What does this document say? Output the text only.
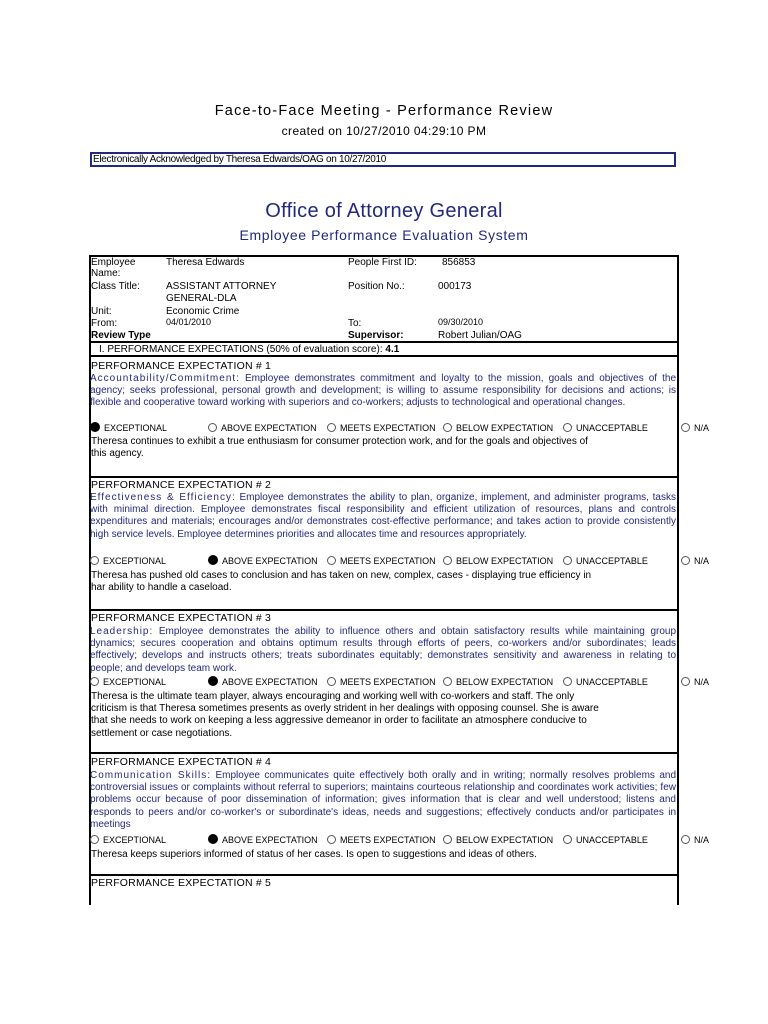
Face-to-Face Meeting - Performance Review
created on 10/27/2010 04:29:10 PM
Electronically Acknowledged by Theresa Edwards/OAG on 10/27/2010
Office of Attorney General
Employee Performance Evaluation System
Employee
Name:
Theresa Edwards	People First ID:	856853
Class Title:	ASSISTANT ATTORNEY
GENERAL-DLA
Position No.:	000173
Unit:	Economic Crime
From:	04/01/2010	To:	09/30/2010
Review Type	Supervisor:	Robert Julian/OAG
I. PERFORMANCE EXPECTATIONS (50% of evaluation score): 4.1
PERFORMANCE EXPECTATION # 1
Accountability/Commitment: Employee demonstrates commitment and loyalty to the mission, goals and objectives of the agency; seeks professional, personal growth and development; is willing to assume responsibility for decisions and actions; is flexible and cooperative toward working with superiors and co-workers; adjusts to technological and operational changes.
EXCEPTIONAL	ABOVE EXPECTATION	MEETS EXPECTATION	BELOW EXPECTATION	UNACCEPTABLE	N/A
Theresa continues to exhibit a true enthusiasm for consumer protection work, and for the goals and objectives of
this agency.
PERFORMANCE EXPECTATION # 2
Effectiveness & Efficiency: Employee demonstrates the ability to plan, organize, implement, and administer programs, tasks with minimal direction. Employee demonstrates fiscal responsibility and efficient utilization of resources, plans and controls expenditures and materials; encourages and/or demonstrates cost-effective performance; and takes action to provide consistently high service levels. Employee determines priorities and allocates time and resources appropriately.
EXCEPTIONAL	ABOVE EXPECTATION	MEETS EXPECTATION	BELOW EXPECTATION	UNACCEPTABLE	N/A
Theresa has pushed old cases to conclusion and has taken on new, complex, cases - displaying true efficiency in
har ability to handle a caseload.
PERFORMANCE EXPECTATION # 3
Leadership: Employee demonstrates the ability to influence others and obtain satisfactory results while maintaining group dynamics; secures cooperation and obtains optimum results through efforts of peers, co-workers and/or subordinates; leads effectively; develops and instructs others; treats subordinates equitably; demonstrates sensitivity and awareness in relating to people; and develops team work.
EXCEPTIONAL	ABOVE EXPECTATION	MEETS EXPECTATION	BELOW EXPECTATION	UNACCEPTABLE	N/A
Theresa is the ultimate team player, always encouraging and working well with co-workers and staff. The only
criticism is that Theresa sometimes presents as overly strident in her dealings with opposing counsel. She is aware
that she needs to work on keeping a less aggressive demeanor in order to facilitate an atmosphere conducive to
settlement or case negotiations.
PERFORMANCE EXPECTATION # 4
Communication Skills: Employee communicates quite effectively both orally and in writing; normally resolves problems and controversial issues or complaints without referral to superiors; maintains courteous relationship and coordinates work activities; few problems occur because of poor dissemination of information; gives information that is clear and well understood; listens and responds to peers and/or co-worker's or subordinate's ideas, needs and suggestions; effectively conducts and/or participates in meetings
EXCEPTIONAL	ABOVE EXPECTATION	MEETS EXPECTATION	BELOW EXPECTATION	UNACCEPTABLE	N/A
Theresa keeps superiors informed of status of her cases. Is open to suggestions and ideas of others.
PERFORMANCE EXPECTATION # 5
